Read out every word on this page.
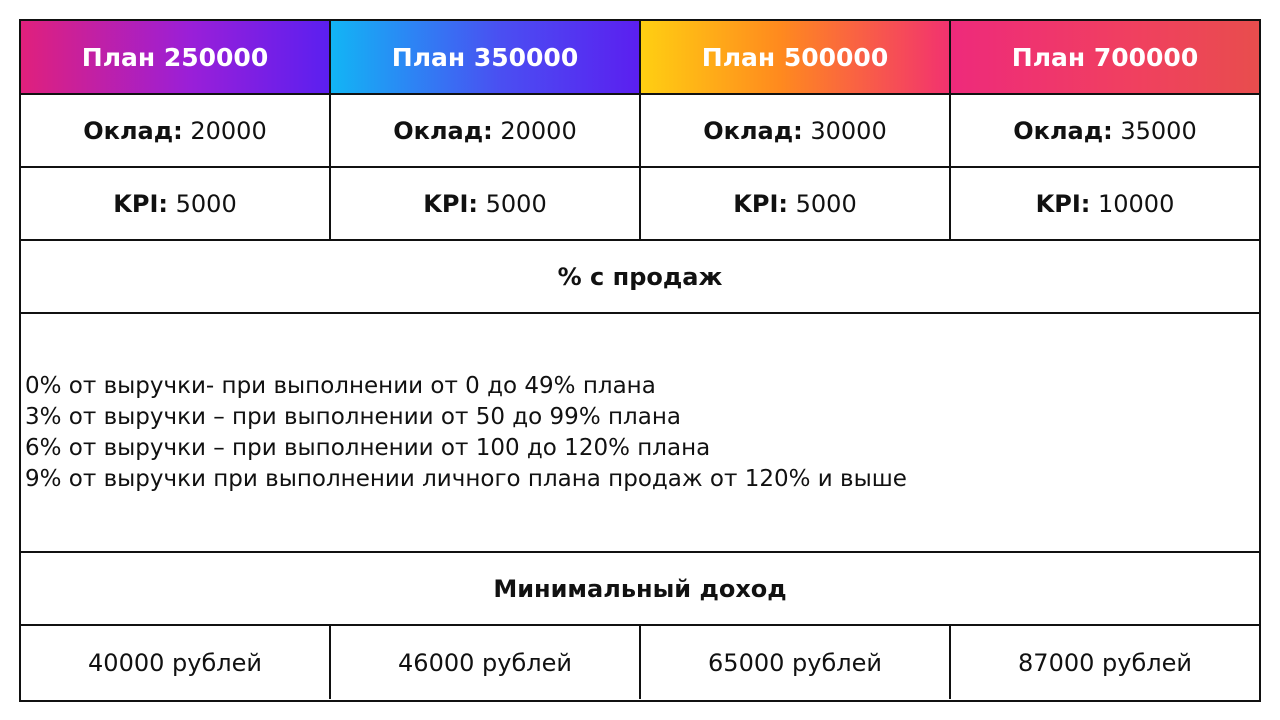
План 250000	План 350000	План 500000	План 700000
Оклад: 20000	Оклад: 20000	Оклад: 30000	Оклад: 35000
KPI: 5000	KPI: 5000	KPI: 5000	KPI: 10000
% с продаж
0% от выручки- при выполнении от 0 до 49% плана
3% от выручки – при выполнении от 50 до 99% плана
6% от выручки – при выполнении от 100 до 120% плана
9% от выручки при выполнении личного плана продаж от 120% и выше
Минимальный доход
40000 рублей	46000 рублей	65000 рублей	87000 рублей
